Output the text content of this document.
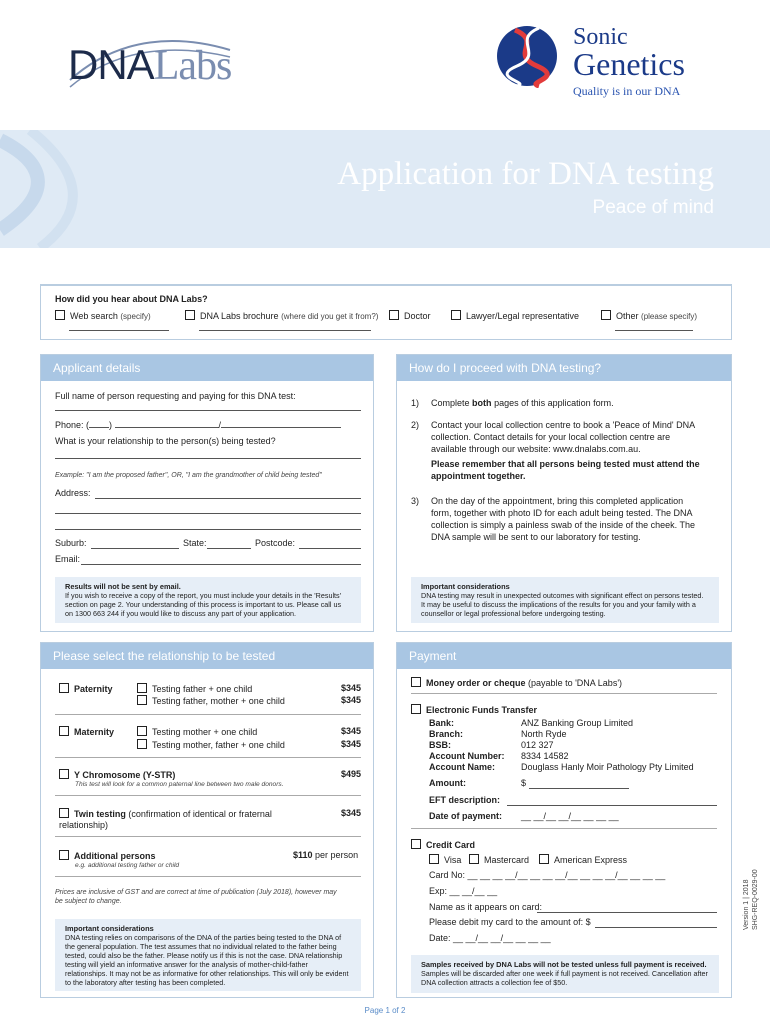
DNALabs
Sonic
Genetics
Quality is in our DNA
Application for DNA testing
Peace of mind
How did you hear about DNA Labs?
Web search (specify)	DNA Labs brochure (where did you get it from?)	Doctor	Lawyer/Legal representative	Other (please specify)
Applicant details
Full name of person requesting and paying for this DNA test:
Phone: ( )	/
What is your relationship to the person(s) being tested?
Example: "I am the proposed father", OR, "I am the grandmother of child being tested"
Address:
Suburb:	State:	Postcode:
Email:
Results will not be sent by email.
If you wish to receive a copy of the report, you must include your details in the 'Results' section on page 2. Your understanding of this process is important to us. Please call us on 1300 663 244 if you would like to discuss any part of your application.
How do I proceed with DNA testing?
1) Complete both pages of this application form.
2) Contact your local collection centre to book a 'Peace of Mind' DNA collection. Contact details for your local collection centre are available through our website: www.dnalabs.com.au.

Please remember that all persons being tested must attend the appointment together.
3) On the day of the appointment, bring this completed application form, together with photo ID for each adult being tested. The DNA collection is simply a painless swab of the inside of the cheek. The DNA sample will be sent to our laboratory for testing.
Important considerations
DNA testing may result in unexpected outcomes with significant effect on persons tested. It may be useful to discuss the implications of the results for you and your family with a counsellor or legal professional before undergoing testing.
Please select the relationship to be tested
Paternity	Testing father + one child	$345
Testing father, mother + one child	$345
Maternity	Testing mother + one child	$345
Testing mother, father + one child	$345
Y Chromosome (Y-STR)	$495
This test will look for a common paternal line between two male donors.
Twin testing (confirmation of identical or fraternal relationship)
$345
Additional persons	$110 per person
e.g. additional testing father or child
Prices are inclusive of GST and are correct at time of publication (July 2018), however may be subject to change.
Important considerations
DNA testing relies on comparisons of the DNA of the parties being tested to the DNA of the general population. The test assumes that no individual related to the father being tested, could also be the father. Please notify us if this is not the case. DNA relationship testing will yield an informative answer for the analysis of mother-child-father relationships. It may not be as informative for other relationships. This will only be evident to the laboratory after testing has been completed.
Payment
Money order or cheque (payable to 'DNA Labs')
Electronic Funds Transfer
Bank:	ANZ Banking Group Limited
Branch:	North Ryde
BSB:	012 327
Account Number: 8334 14582
Account Name:	Douglass Hanly Moir Pathology Pty Limited
Amount:	$
EFT description:
Date of payment: __ __/__ __/__ __ __ __
Credit Card
Visa	Mastercard	American Express
Card No: __ __ __ __/__ __ __ __/__ __ __ __/__ __ __ __
Exp: __ __/__ __
Name as it appears on card:
Please debit my card to the amount of: $
Date: __ __/__ __/__ __ __ __
Samples received by DNA Labs will not be tested unless full payment is received.
Samples will be discarded after one week if full payment is not received. Cancellation after DNA collection attracts a collection fee of $50.
Version 1 | 2018 SHG-REQ-0029-00
Page 1 of 2
